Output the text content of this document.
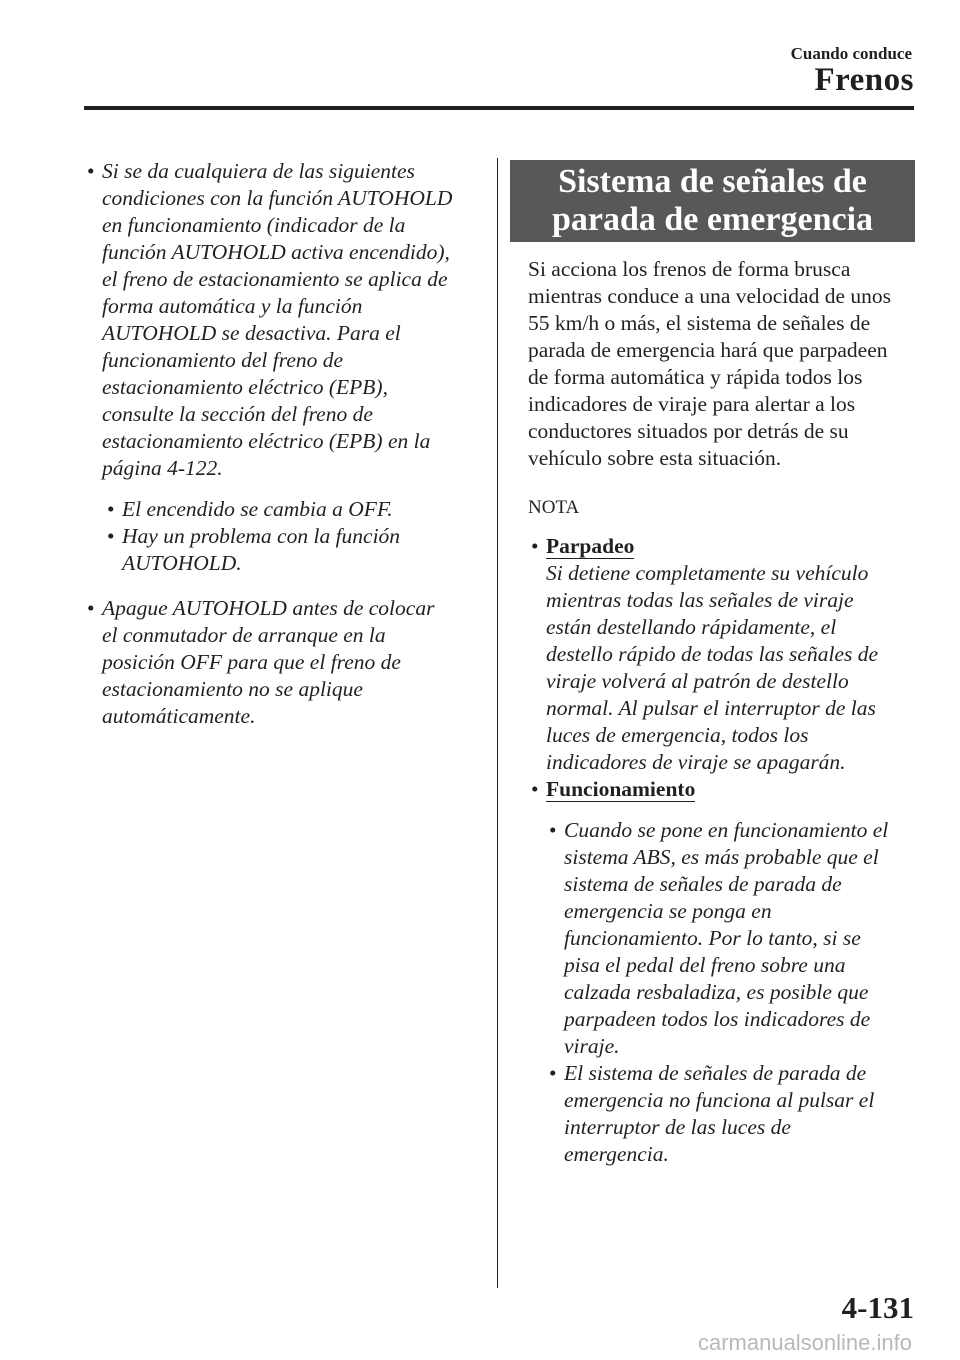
Cuando conduce
Frenos
• Si se da cualquiera de las siguientes
condiciones con la función AUTOHOLD
en funcionamiento (indicador de la
función AUTOHOLD activa encendido),
el freno de estacionamiento se aplica de
forma automática y la función
AUTOHOLD se desactiva. Para el
funcionamiento del freno de
estacionamiento eléctrico (EPB),
consulte la sección del freno de
estacionamiento eléctrico (EPB) en la
página 4-122.
• El encendido se cambia a OFF.
• Hay un problema con la función
AUTOHOLD.
• Apague AUTOHOLD antes de colocar
el conmutador de arranque en la
posición OFF para que el freno de
estacionamiento no se aplique
automáticamente.
Sistema de señales de
parada de emergencia
Si acciona los frenos de forma brusca
mientras conduce a una velocidad de unos
55 km/h o más, el sistema de señales de
parada de emergencia hará que parpadeen
de forma automática y rápida todos los
indicadores de viraje para alertar a los
conductores situados por detrás de su
vehículo sobre esta situación.
NOTA
• Parpadeo
Si detiene completamente su vehículo
mientras todas las señales de viraje
están destellando rápidamente, el
destello rápido de todas las señales de
viraje volverá al patrón de destello
normal. Al pulsar el interruptor de las
luces de emergencia, todos los
indicadores de viraje se apagarán.
• Funcionamiento
• Cuando se pone en funcionamiento el
sistema ABS, es más probable que el
sistema de señales de parada de
emergencia se ponga en
funcionamiento. Por lo tanto, si se
pisa el pedal del freno sobre una
calzada resbaladiza, es posible que
parpadeen todos los indicadores de
viraje.
• El sistema de señales de parada de
emergencia no funciona al pulsar el
interruptor de las luces de
emergencia.
4-131
carmanualsonline.info
